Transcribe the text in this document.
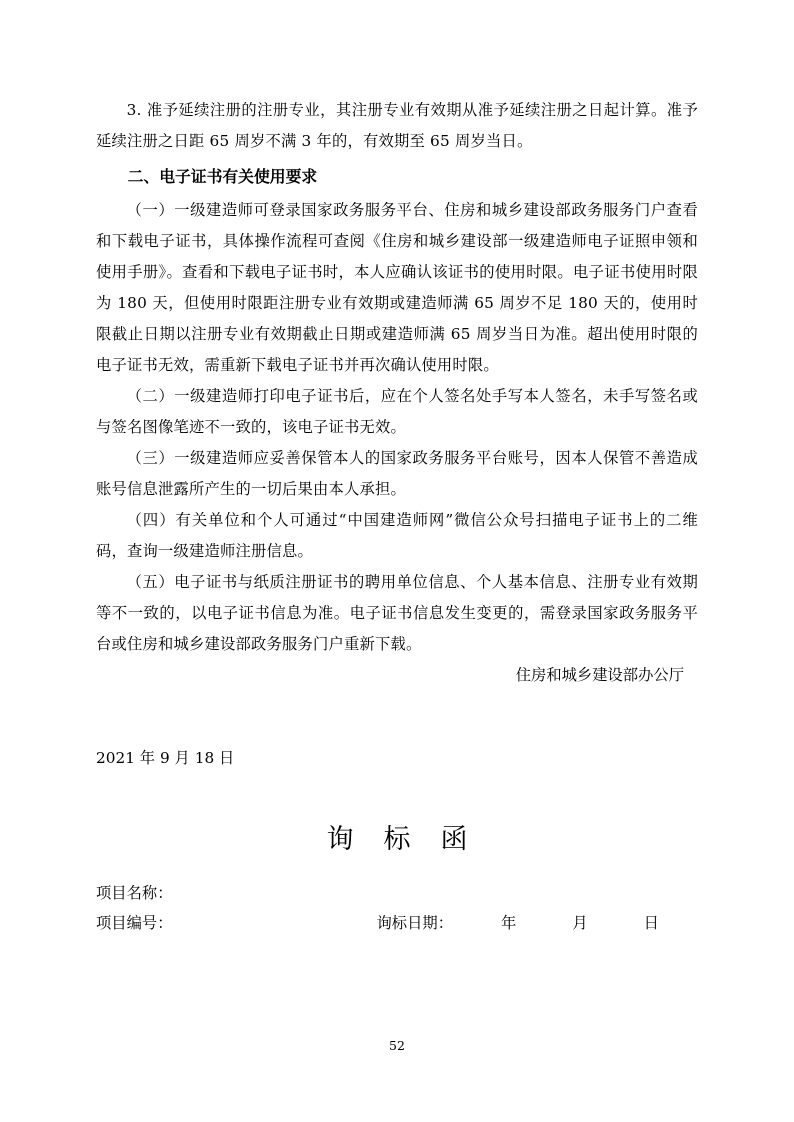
3. 准予延续注册的注册专业，其注册专业有效期从准予延续注册之日起计算。准予延续注册之日距 65 周岁不满 3 年的，有效期至 65 周岁当日。

二、电子证书有关使用要求

（一）一级建造师可登录国家政务服务平台、住房和城乡建设部政务服务门户查看和下载电子证书，具体操作流程可查阅《住房和城乡建设部一级建造师电子证照申领和使用手册》。查看和下载电子证书时，本人应确认该证书的使用时限。电子证书使用时限为 180 天，但使用时限距注册专业有效期或建造师满 65 周岁不足 180 天的，使用时限截止日期以注册专业有效期截止日期或建造师满 65 周岁当日为准。超出使用时限的电子证书无效，需重新下载电子证书并再次确认使用时限。

（二）一级建造师打印电子证书后，应在个人签名处手写本人签名，未手写签名或与签名图像笔迹不一致的，该电子证书无效。

（三）一级建造师应妥善保管本人的国家政务服务平台账号，因本人保管不善造成账号信息泄露所产生的一切后果由本人承担。

（四）有关单位和个人可通过“中国建造师网”微信公众号扫描电子证书上的二维码，查询一级建造师注册信息。

（五）电子证书与纸质注册证书的聘用单位信息、个人基本信息、注册专业有效期等不一致的，以电子证书信息为准。电子证书信息发生变更的，需登录国家政务服务平台或住房和城乡建设部政务服务门户重新下载。

住房和城乡建设部办公厅

2021 年 9 月 18 日

询标函
项目名称：
项目编号：	询标日期：	年	月	日
52
